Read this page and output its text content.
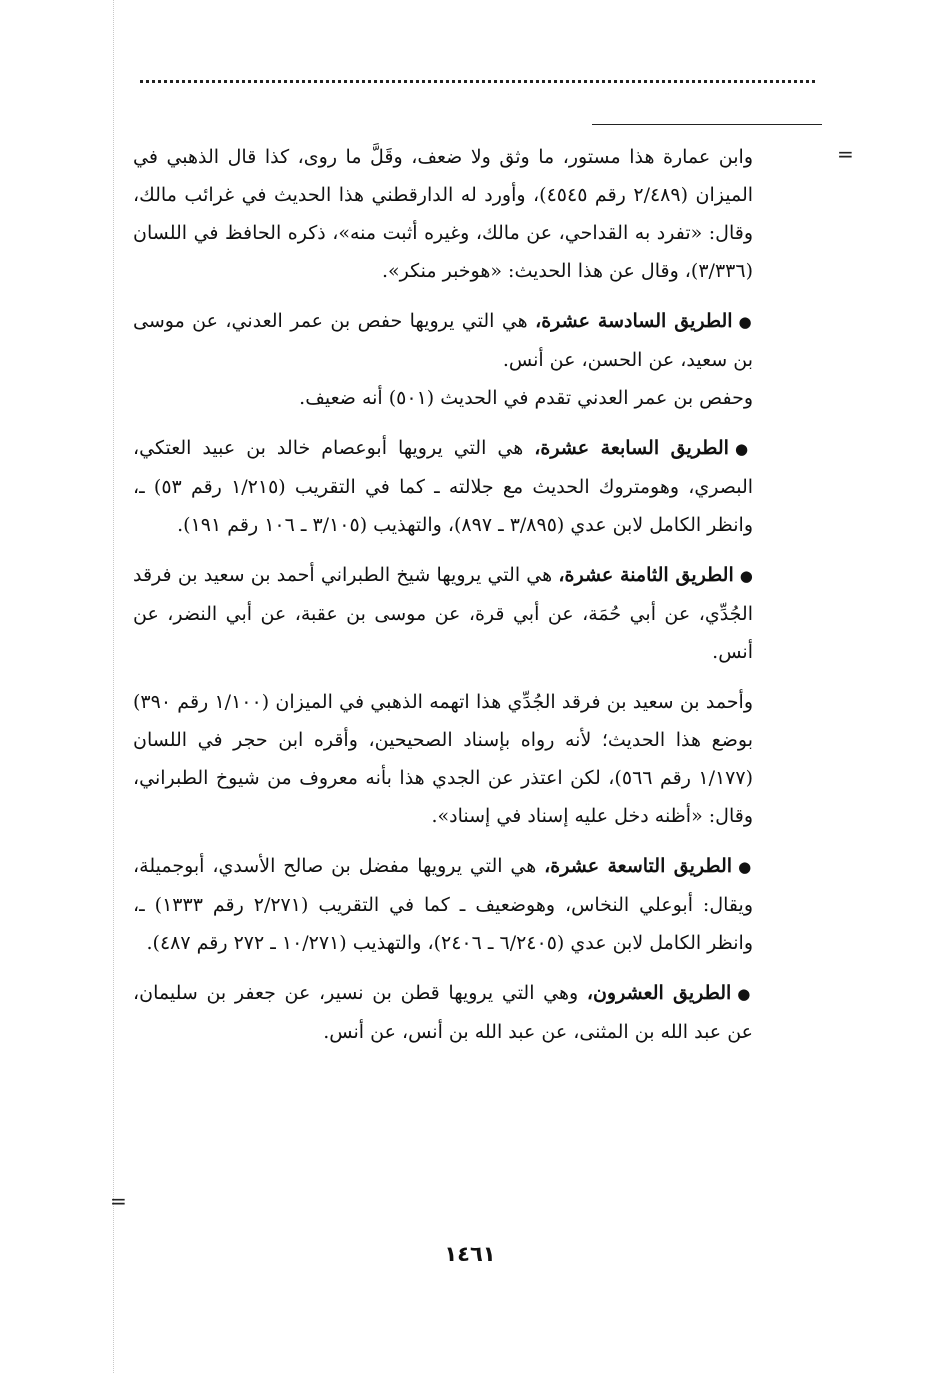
=
=

وابن عمارة هذا مستور، ما وثق ولا ضعف، وقَلَّ ما روى، كذا قال الذهبي في الميزان (٢/٤٨٩ رقم ٤٥٤٥)، وأورد له الدارقطني هذا الحديث في غرائب مالك، وقال: «تفرد به القداحي، عن مالك، وغيره أثبت منه»، ذكره الحافظ في اللسان (٣/٣٣٦)، وقال عن هذا الحديث: «هوخبر منكر».

●الطريق السادسة عشرة، هي التي يرويها حفص بن عمر العدني، عن موسى بن سعيد، عن الحسن، عن أنس.

وحفص بن عمر العدني تقدم في الحديث (٥٠١) أنه ضعيف.

●الطريق السابعة عشرة، هي التي يرويها أبوعصام خالد بن عبيد العتكي، البصري، وهومتروك الحديث مع جلالته ـ كما في التقريب (١/٢١٥ رقم ٥٣) ـ، وانظر الكامل لابن عدي (٣/٨٩٥ ـ ٨٩٧)، والتهذيب (٣/١٠٥ ـ ١٠٦ رقم ١٩١).

●الطريق الثامنة عشرة، هي التي يرويها شيخ الطبراني أحمد بن سعيد بن فرقد الجُدِّي، عن أبي حُمَة، عن أبي قرة، عن موسى بن عقبة، عن أبي النضر، عن أنس.

وأحمد بن سعيد بن فرقد الجُدِّي هذا اتهمه الذهبي في الميزان (١/١٠٠ رقم ٣٩٠) بوضع هذا الحديث؛ لأنه رواه بإسناد الصحيحين، وأقره ابن حجر في اللسان (١/١٧٧ رقم ٥٦٦)، لكن اعتذر عن الجدي هذا بأنه معروف من شيوخ الطبراني، وقال: «أظنه دخل عليه إسناد في إسناد».

●الطريق التاسعة عشرة، هي التي يرويها مفضل بن صالح الأسدي، أبوجميلة، ويقال: أبوعلي النخاس، وهوضعيف ـ كما في التقريب (٢/٢٧١ رقم ١٣٣٣) ـ، وانظر الكامل لابن عدي (٦/٢٤٠٥ ـ ٢٤٠٦)، والتهذيب (١٠/٢٧١ ـ ٢٧٢ رقم ٤٨٧).

●الطريق العشرون، وهي التي يرويها قطن بن نسير، عن جعفر بن سليمان، عن عبد الله بن المثنى، عن عبد الله بن أنس، عن أنس.

١٤٦١
